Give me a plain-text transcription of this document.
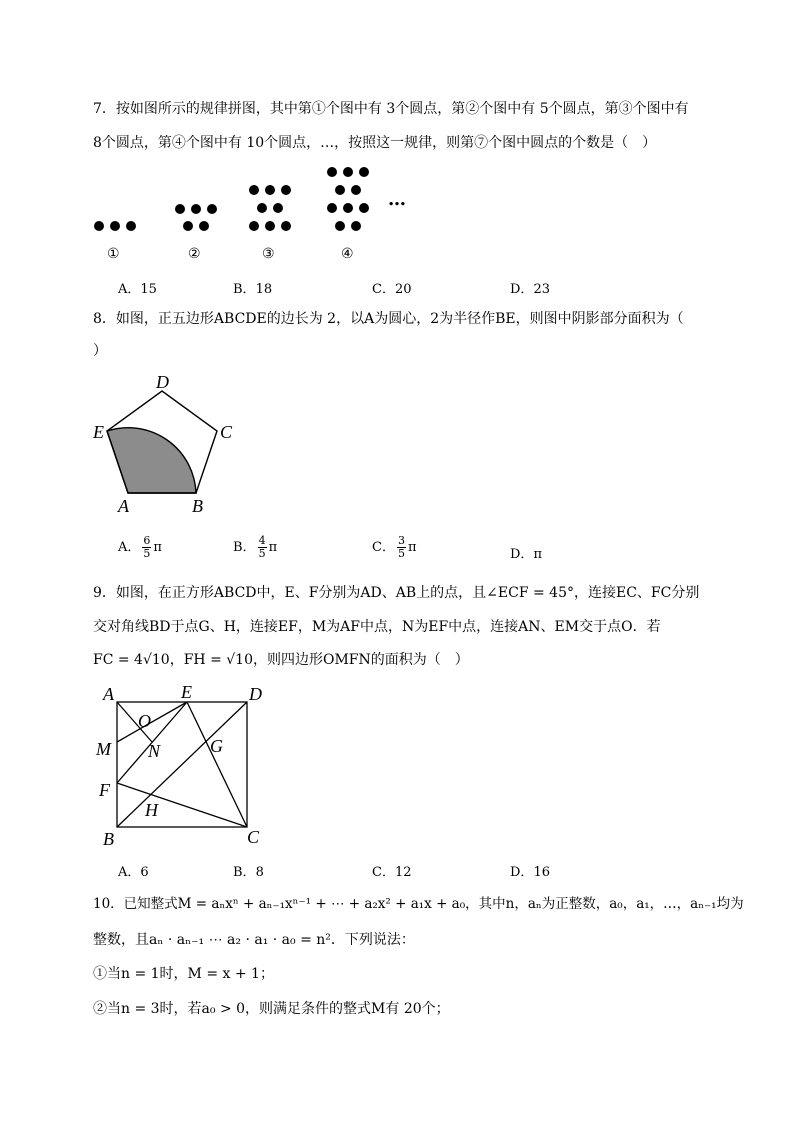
7．按如图所示的规律拼图，其中第①个图中有 3个圆点，第②个图中有 5个圆点，第③个图中有
8个圆点，第④个图中有 10个圆点，…，按照这一规律，则第⑦个图中圆点的个数是（　）
…
①	②	③	④
A．15	B．18	C．20	D．23
8．如图，正五边形ABCDE的边长为 2，以A为圆心，2为半径作BE，则图中阴影部分面积为（
）
A	B
C
D
E
A． $\frac{6}{5}$ π	B． $\frac{4}{5}$ π	C． $\frac{3}{5}$ π	D．π
9．如图，在正方形ABCD中，E、F分别为AD、AB上的点，且∠ECF = 45°，连接EC、FC分别
交对角线BD于点G、H，连接EF，M为AF中点，N为EF中点，连接AN、EM交于点O．若
FC = 4√10，FH = √10，则四边形OMFN的面积为（　）
A	E	D
O
M N	G
F
H
B	C
A．6	B．8	C．12	D．16
10．已知整式M = aₙxⁿ + aₙ₋₁xⁿ⁻¹ + ⋯ + a₂x² + a₁x + a₀，其中n，aₙ为正整数，a₀，a₁，…，aₙ₋₁均为
整数，且aₙ · aₙ₋₁ ⋯ a₂ · a₁ · a₀ = n²．下列说法：
①当n = 1时，M = x + 1；
②当n = 3时，若a₀ > 0，则满足条件的整式M有 20个；
